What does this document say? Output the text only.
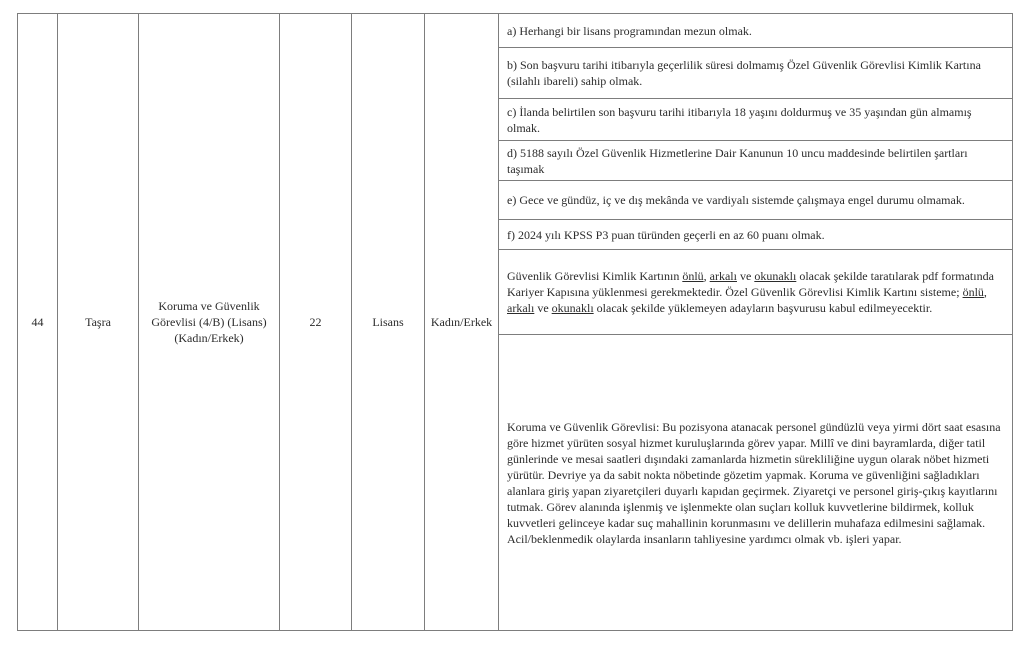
44	Taşra
Koruma ve Güvenlik Görevlisi (4/B) (Lisans)(Kadın/Erkek)
22	Lisans Kadın/Erkek

a) Herhangi bir lisans programından mezun olmak.

b) Son başvuru tarihi itibarıyla geçerlilik süresi dolmamış Özel Güvenlik Görevlisi Kimlik Kartına (silahlı ibareli) sahip olmak.

c) İlanda belirtilen son başvuru tarihi itibarıyla 18 yaşını doldurmuş ve 35 yaşından gün almamış olmak.

d) 5188 sayılı Özel Güvenlik Hizmetlerine Dair Kanunun 10 uncu maddesinde belirtilen şartları taşımak

e) Gece ve gündüz, iç ve dış mekânda ve vardiyalı sistemde çalışmaya engel durumu olmamak.

f) 2024 yılı KPSS P3 puan türünden geçerli en az 60 puanı olmak.

Güvenlik Görevlisi Kimlik Kartının önlü, arkalı ve okunaklı olacak şekilde taratılarak pdf formatında Kariyer Kapısına yüklenmesi gerekmektedir. Özel Güvenlik Görevlisi Kimlik Kartını sisteme; önlü, arkalı ve okunaklı olacak şekilde yüklemeyen adayların başvurusu kabul edilmeyecektir.

Koruma ve Güvenlik Görevlisi: Bu pozisyona atanacak personel gündüzlü veya yirmi dört saat esasına göre hizmet yürüten sosyal hizmet kuruluşlarında görev yapar. Millî ve dini bayramlarda, diğer tatil günlerinde ve mesai saatleri dışındaki zamanlarda hizmetin sürekliliğine uygun olarak nöbet hizmeti yürütür. Devriye ya da sabit nokta nöbetinde gözetim yapmak. Koruma ve güvenliğini sağladıkları alanlara giriş yapan ziyaretçileri duyarlı kapıdan geçirmek. Ziyaretçi ve personel giriş-çıkış kayıtlarını tutmak. Görev alanında işlenmiş ve işlenmekte olan suçları kolluk kuvvetlerine bildirmek, kolluk kuvvetleri gelinceye kadar suç mahallinin korunmasını ve delillerin muhafaza edilmesini sağlamak. Acil/beklenmedik olaylarda insanların tahliyesine yardımcı olmak vb. işleri yapar.
